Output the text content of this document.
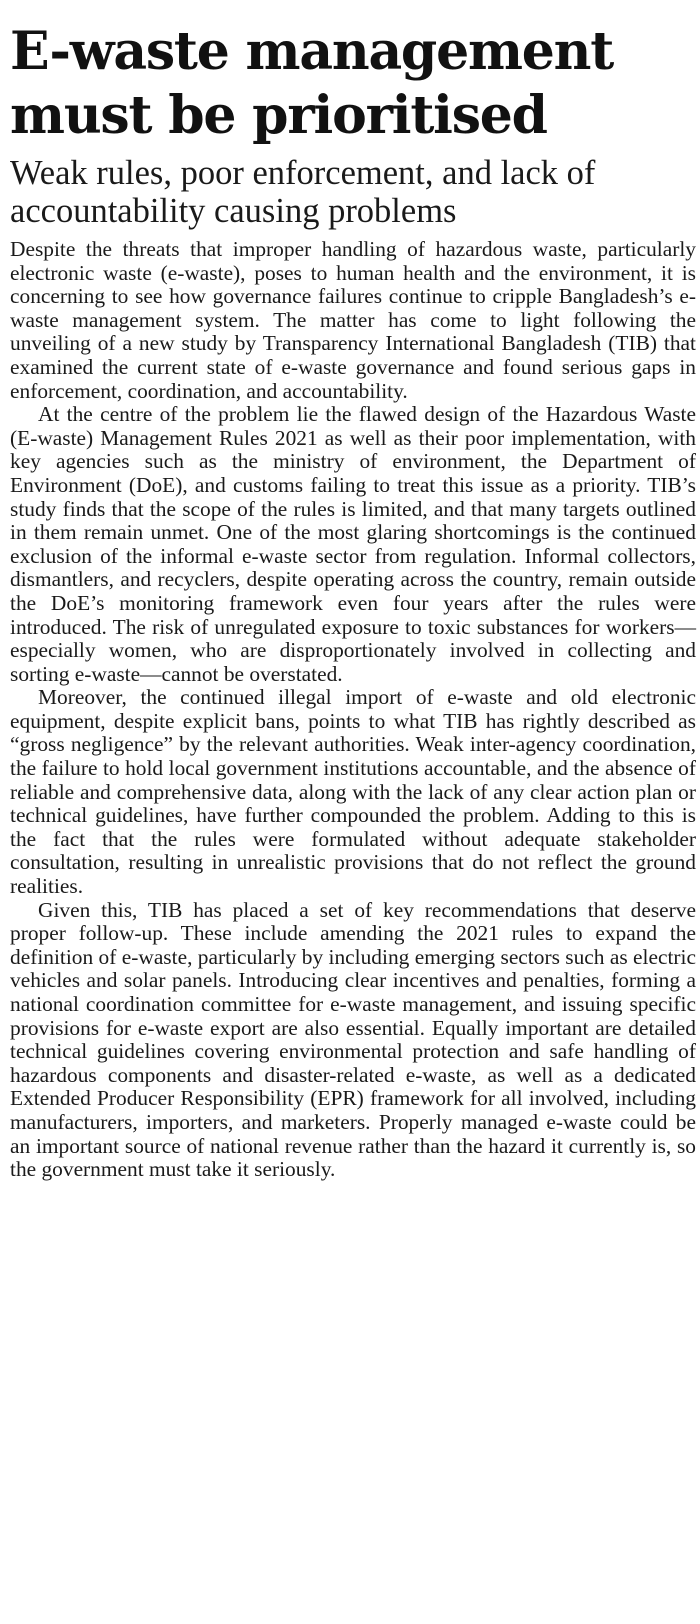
E-waste management must be prioritised
Weak rules, poor enforcement, and lack of accountability causing problems

Despite the threats that improper handling of hazardous waste, particularly electronic waste (e-waste), poses to human health and the environment, it is concerning to see how governance failures continue to cripple Bangladesh’s e-waste management system. The matter has come to light following the unveiling of a new study by Transparency International Bangladesh (TIB) that examined the current state of e-waste governance and found serious gaps in enforcement, coordination, and accountability.

At the centre of the problem lie the flawed design of the Hazardous Waste (E-waste) Management Rules 2021 as well as their poor implementation, with key agencies such as the ministry of environment, the Department of Environment (DoE), and customs failing to treat this issue as a priority. TIB’s study finds that the scope of the rules is limited, and that many targets outlined in them remain unmet. One of the most glaring shortcomings is the continued exclusion of the informal e-waste sector from regulation. Informal collectors, dismantlers, and recyclers, despite operating across the country, remain outside the DoE’s monitoring framework even four years after the rules were introduced. The risk of unregulated exposure to toxic substances for workers—especially women, who are disproportionately involved in collecting and sorting e-waste—cannot be overstated.

Moreover, the continued illegal import of e-waste and old electronic equipment, despite explicit bans, points to what TIB has rightly described as “gross negligence” by the relevant authorities. Weak inter-agency coordination, the failure to hold local government institutions accountable, and the absence of reliable and comprehensive data, along with the lack of any clear action plan or technical guidelines, have further compounded the problem. Adding to this is the fact that the rules were formulated without adequate stakeholder consultation, resulting in unrealistic provisions that do not reflect the ground realities.

Given this, TIB has placed a set of key recommendations that deserve proper follow-up. These include amending the 2021 rules to expand the definition of e-waste, particularly by including emerging sectors such as electric vehicles and solar panels. Introducing clear incentives and penalties, forming a national coordination committee for e-waste management, and issuing specific provisions for e-waste export are also essential. Equally important are detailed technical guidelines covering environmental protection and safe handling of hazardous components and disaster-related e-waste, as well as a dedicated Extended Producer Responsibility (EPR) framework for all involved, including manufacturers, importers, and marketers. Properly managed e-waste could be an important source of national revenue rather than the hazard it currently is, so the government must take it seriously.
